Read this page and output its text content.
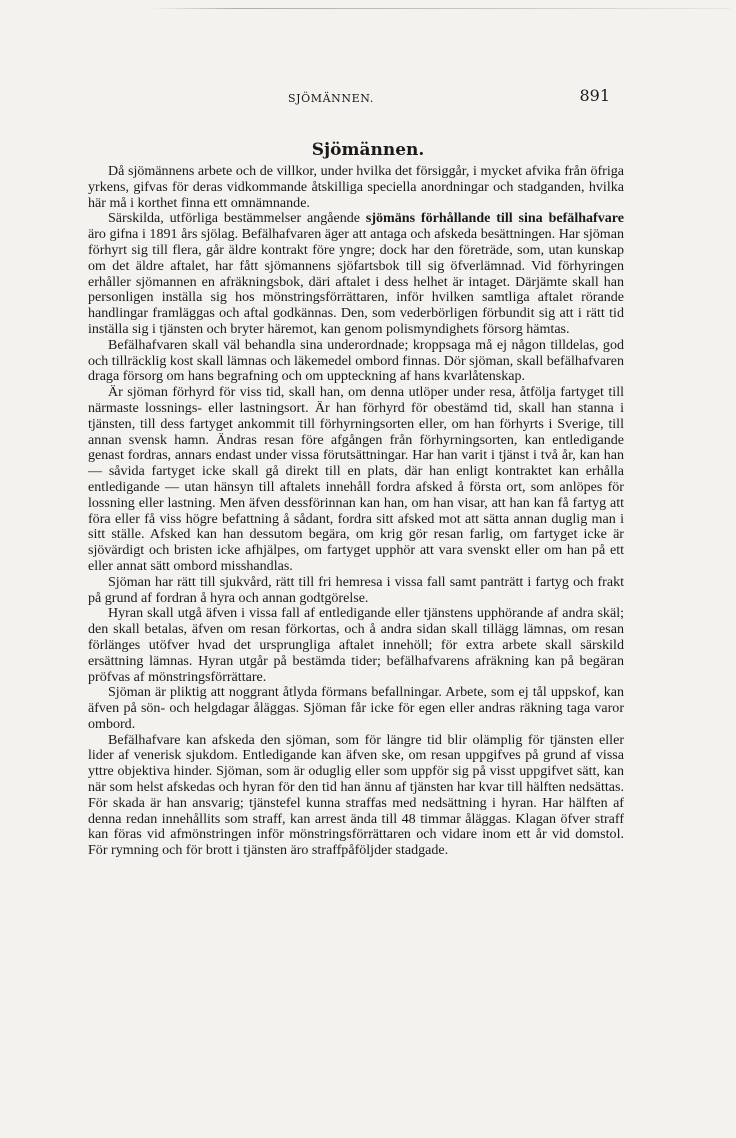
SJÖMÄNNEN.	891
Sjömännen.

Då sjömännens arbete och de villkor, under hvilka det försiggår, i mycket afvika från öfriga yrkens, gifvas för deras vidkommande åtskilliga speciella anordningar och stadganden, hvilka här må i korthet finna ett omnämnande.

Särskilda, utförliga bestämmelser angående sjömäns förhållande till sina befälhafvare äro gifna i 1891 års sjölag. Befälhafvaren äger att antaga och afskeda besättningen. Har sjöman förhyrt sig till flera, går äldre kontrakt före yngre; dock har den företräde, som, utan kunskap om det äldre aftalet, har fått sjömannens sjöfartsbok till sig öfverlämnad. Vid förhyringen erhåller sjömannen en afräkningsbok, däri aftalet i dess helhet är intaget. Därjämte skall han personligen inställa sig hos mönstringsförrättaren, inför hvilken samtliga aftalet rörande handlingar framläggas och aftal godkännas. Den, som vederbörligen förbundit sig att i rätt tid inställa sig i tjänsten och bryter häremot, kan genom polismyndighets försorg hämtas.

Befälhafvaren skall väl behandla sina underordnade; kroppsaga må ej någon tilldelas, god och tillräcklig kost skall lämnas och läkemedel ombord finnas. Dör sjöman, skall befälhafvaren draga försorg om hans begrafning och om uppteckning af hans kvarlåtenskap.

Är sjöman förhyrd för viss tid, skall han, om denna utlöper under resa, åtfölja fartyget till närmaste lossnings- eller lastningsort. Är han förhyrd för obestämd tid, skall han stanna i tjänsten, till dess fartyget ankommit till förhyrningsorten eller, om han förhyrts i Sverige, till annan svensk hamn. Ändras resan före afgången från förhyrningsorten, kan entledigande genast fordras, annars endast under vissa förutsättningar. Har han varit i tjänst i två år, kan han — såvida fartyget icke skall gå direkt till en plats, där han enligt kontraktet kan erhålla entledigande — utan hänsyn till aftalets innehåll fordra afsked å första ort, som anlöpes för lossning eller lastning. Men äfven dessförinnan kan han, om han visar, att han kan få fartyg att föra eller få viss högre befattning å sådant, fordra sitt afsked mot att sätta annan duglig man i sitt ställe. Afsked kan han dessutom begära, om krig gör resan farlig, om fartyget icke är sjövärdigt och bristen icke afhjälpes, om fartyget upphör att vara svenskt eller om han på ett eller annat sätt ombord misshandlas.

Sjöman har rätt till sjukvård, rätt till fri hemresa i vissa fall samt panträtt i fartyg och frakt på grund af fordran å hyra och annan godtgörelse.

Hyran skall utgå äfven i vissa fall af entledigande eller tjänstens upphörande af andra skäl; den skall betalas, äfven om resan förkortas, och å andra sidan skall tillägg lämnas, om resan förlänges utöfver hvad det ursprungliga aftalet innehöll; för extra arbete skall särskild ersättning lämnas. Hyran utgår på bestämda tider; befälhafvarens afräkning kan på begäran pröfvas af mönstringsförrättare.

Sjöman är pliktig att noggrant åtlyda förmans befallningar. Arbete, som ej tål uppskof, kan äfven på sön- och helgdagar åläggas. Sjöman får icke för egen eller andras räkning taga varor ombord.

Befälhafvare kan afskeda den sjöman, som för längre tid blir olämplig för tjänsten eller lider af venerisk sjukdom. Entledigande kan äfven ske, om resan uppgifves på grund af vissa yttre objektiva hinder. Sjöman, som är oduglig eller som uppför sig på visst uppgifvet sätt, kan när som helst afskedas och hyran för den tid han ännu af tjänsten har kvar till hälften nedsättas. För skada är han ansvarig; tjänstefel kunna straffas med nedsättning i hyran. Har hälften af denna redan innehållits som straff, kan arrest ända till 48 timmar åläggas. Klagan öfver straff kan föras vid afmönstringen inför mönstringsförrättaren och vidare inom ett år vid domstol. För rymning och för brott i tjänsten äro straffpåföljder stadgade.
